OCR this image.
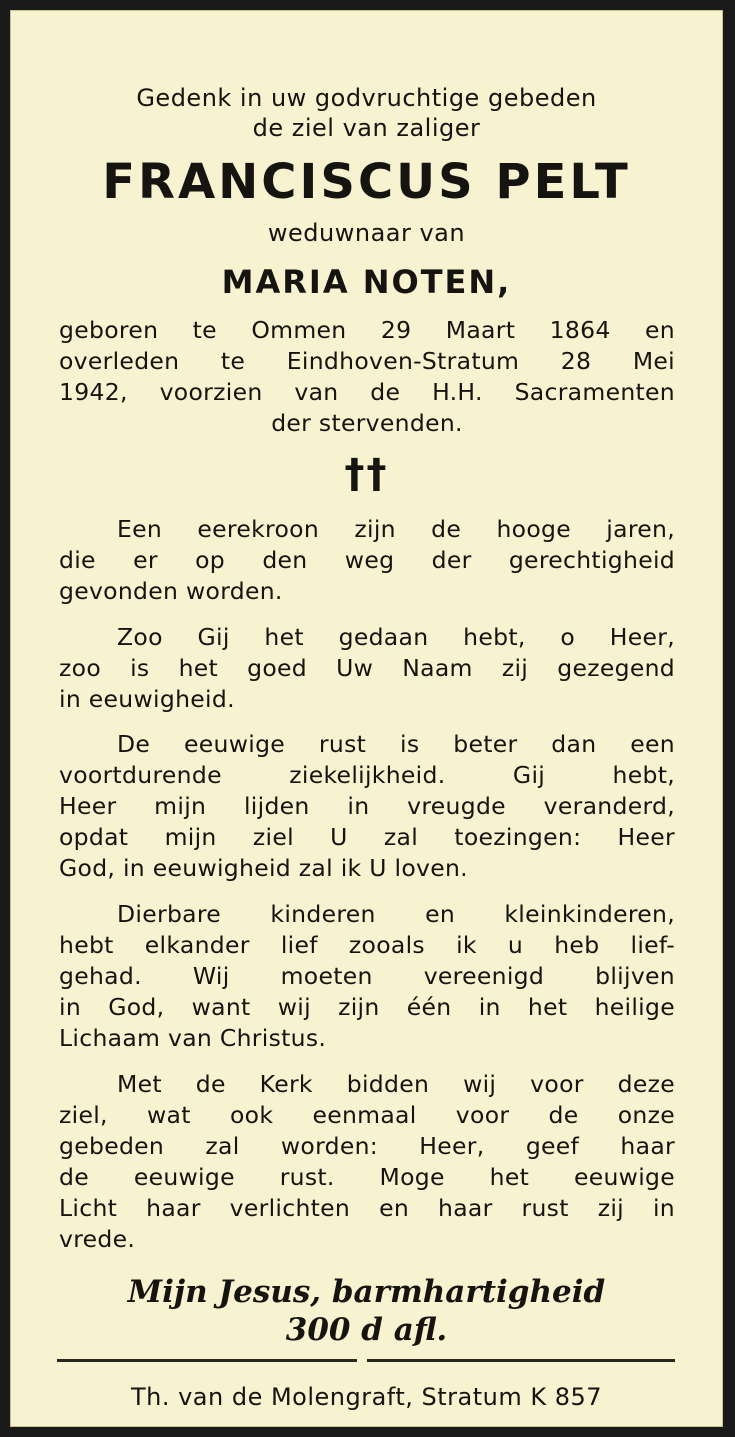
Gedenk in uw godvruchtige gebeden
de ziel van zaliger
FRANCISCUS PELT
weduwnaar van
MARIA NOTEN,
geboren te Ommen 29 Maart 1864 en
overleden te Eindhoven-Stratum 28 Mei
1942, voorzien van de H.H. Sacramenten
der stervenden.
††
Een eerekroon zijn de hooge jaren,
die er op den weg der gerechtigheid
gevonden worden.
Zoo Gij het gedaan hebt, o Heer,
zoo is het goed Uw Naam zij gezegend
in eeuwigheid.
De eeuwige rust is beter dan een
voortdurende ziekelijkheid. Gij hebt,
Heer mijn lijden in vreugde veranderd,
opdat mijn ziel U zal toezingen: Heer
God, in eeuwigheid zal ik U loven.
Dierbare kinderen en kleinkinderen,
hebt elkander lief zooals ik u heb lief-
gehad. Wij moeten vereenigd blijven
in God, want wij zijn één in het heilige
Lichaam van Christus.
Met de Kerk bidden wij voor deze
ziel, wat ook eenmaal voor de onze
gebeden zal worden: Heer, geef haar
de eeuwige rust. Moge het eeuwige
Licht haar verlichten en haar rust zij in
vrede.
Mijn Jesus, barmhartigheid
300 d afl.
Th. van de Molengraft, Stratum K 857
